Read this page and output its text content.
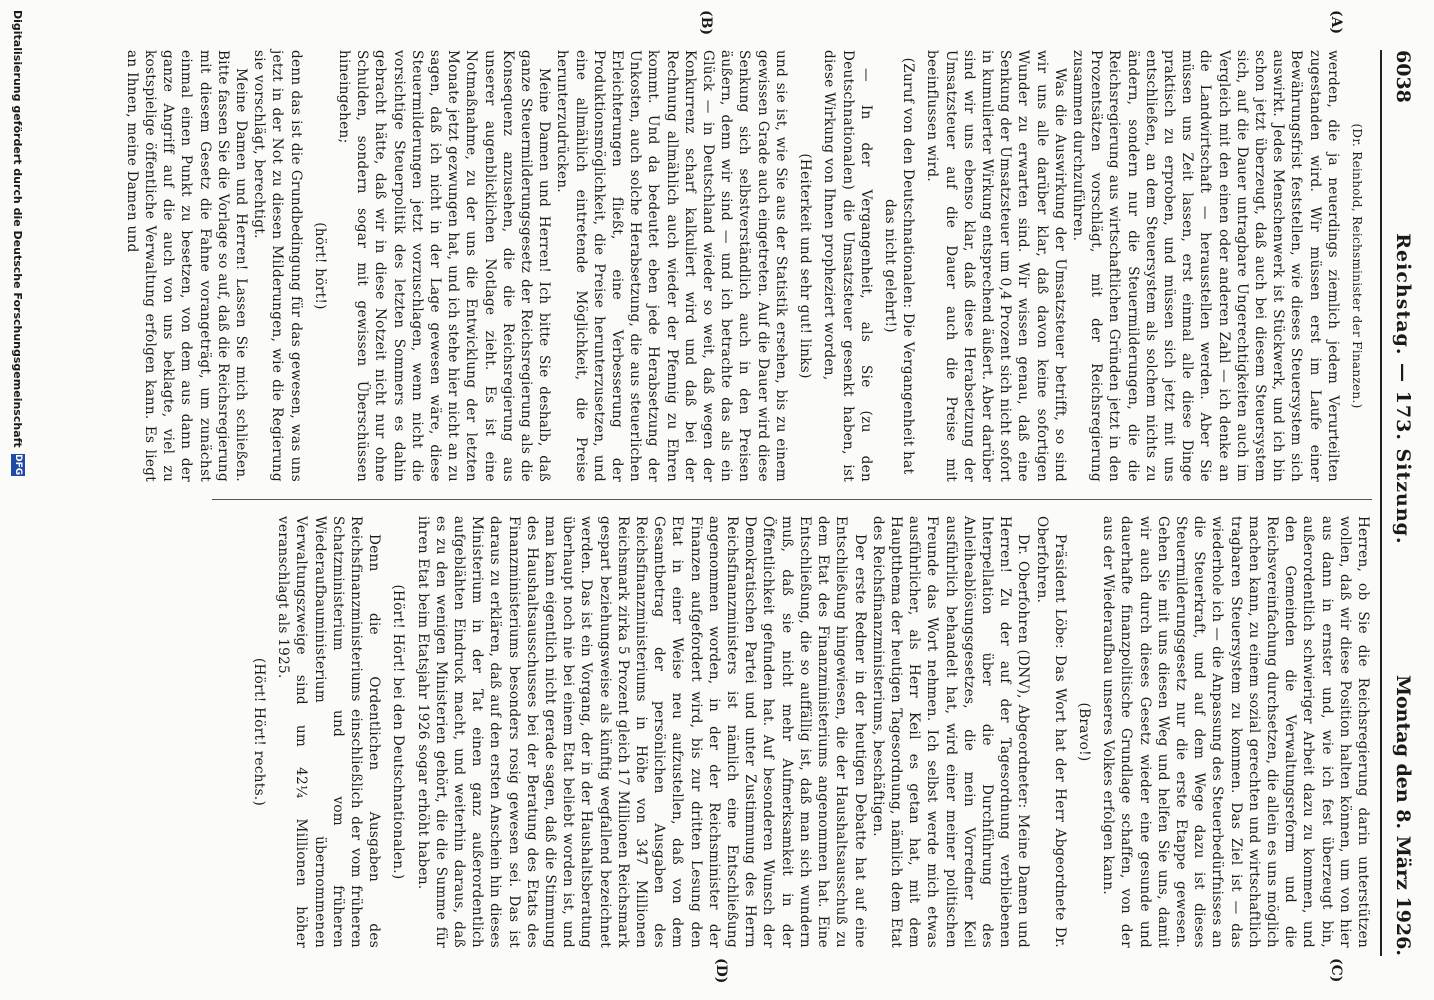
6038
Reichstag. — 173. Sitzung.
Montag den 8. März 1926.
(A)
(B)
(C)
(D)

(Dr. Reinhold, Reichsminister der Finanzen.)

werden, die ja neuerdings ziemlich jedem Verurteilten zugestanden wird. Wir müssen erst im Laufe einer Bewährungsfrist feststellen, wie dieses Steuersystem sich auswirkt. Jedes Menschenwerk ist Stückwerk, und ich bin schon jetzt überzeugt, daß auch bei diesem Steuersystem sich, auf die Dauer untragbare Ungerechtigkeiten auch im Vergleich mit den einen oder anderen Zahl — ich denke an die Landwirtschaft — herausstellen werden. Aber Sie müssen uns Zeit lassen, erst einmal alle diese Dinge praktisch zu erproben, und müssen sich jetzt mit uns entschließen, an dem Steuersystem als solchem nichts zu ändern, sondern nur die Steuermilderungen, die die Reichsregierung aus wirtschaftlichen Gründen jetzt in den Prozentsätzen vorschlägt, mit der Reichsregierung zusammen durchzuführen.

Was die Auswirkung der Umsatzsteuer betrifft, so sind wir uns alle darüber klar, daß davon keine sofortigen Wunder zu erwarten sind. Wir wissen genau, daß eine Senkung der Umsatzsteuer um 0,4 Prozent sich nicht sofort in kumulierter Wirkung entsprechend äußert. Aber darüber sind wir uns ebenso klar, daß diese Herabsetzung der Umsatzsteuer auf die Dauer auch die Preise mit beeinflussen wird.

(Zuruf von den Deutschnationalen: Die Vergangenheit hat das nicht gelehrt!)

— In der Vergangenheit, als Sie (zu den Deutschnationalen) die Umsatzsteuer gesenkt haben, ist diese Wirkung von Ihnen propheziert worden,

(Heiterkeit und sehr gut! links)

und sie ist, wie Sie aus der Statistik ersehen, bis zu einem gewissen Grade auch eingetreten. Auf die Dauer wird diese Senkung sich selbstverständlich auch in den Preisen äußern, denn wir sind — und ich betrachte das als ein Glück — in Deutschland wieder so weit, daß wegen der Konkurrenz scharf kalkuliert wird und daß bei der Rechnung allmählich auch wieder der Pfennig zu Ehren kommt. Und da bedeutet eben jede Herabsetzung der Unkosten, auch solche Herabsetzung, die aus steuerlichen Erleichterungen fließt, eine Verbesserung der Produktionsmöglichkeit, die Preise herunterzusetzen, und eine allmählich eintretende Möglichkeit, die Preise herunterzudrücken.

Meine Damen und Herren! Ich bitte Sie deshalb, daß ganze Steuermilderungsgesetz der Reichsregierung als die Konsequenz anzusehen, die die Reichsregierung aus unserer augenblicklichen Notlage zieht. Es ist eine Notmaßnahme, zu der uns die Entwicklung der letzten Monate jetzt gezwungen hat, und ich stehe hier nicht an zu sagen, daß ich nicht in der Lage gewesen wäre, diese Steuermilderungen jetzt vorzuschlagen, wenn nicht die vorsichtige Steuerpolitik des letzten Sommers es dahin gebracht hätte, daß wir in diese Notzeit nicht nur ohne Schulden, sondern sogar mit gewissen Überschüssen hineingehen;

(hört! hört!)

denn das ist die Grundbedingung für das gewesen, was uns jetzt in der Not zu diesen Milderungen, wie die Regierung sie vorschlägt, berechtigt.

Meine Damen und Herren! Lassen Sie mich schließen. Bitte fassen Sie die Vorlage so auf, daß die Reichsregierung mit diesem Gesetz die Fahne vorangeträgt, um zunächst einmal einen Punkt zu besetzen, von dem aus dann der ganze Angriff auf die auch von uns beklagte, viel zu kostspielige öffentliche Verwaltung erfolgen kann. Es liegt an Ihnen, meine Damen und

Herren, ob Sie die Reichsregierung darin unterstützen wollen, daß wir diese Position halten können, um von hier aus dann in ernster und, wie ich fest überzeugt bin, außerordentlich schwieriger Arbeit dazu zu kommen, und den Gemeinden die Verwaltungsreform und die Reichsvereinfachung durchsetzen, die allein es uns möglich machen kann, zu einem sozial gerechten und wirtschaftlich tragbaren Steuersystem zu kommen. Das Ziel ist — das wiederhole ich — die Anpassung des Steuerbedürfnisses an die Steuerkraft, und auf dem Wege dazu ist dieses Steuermilderungsgesetz nur die erste Etappe gewesen. Gehen Sie mit uns diesen Weg und helfen Sie uns, damit wir auch durch dieses Gesetz wieder eine gesunde und dauerhafte finanzpolitische Grundlage schaffen, von der aus der Wiederaufbau unseres Volkes erfolgen kann.

(Bravo!)

Präsident Löbe: Das Wort hat der Herr Abgeordnete Dr. Oberfohren.

Dr. Oberfohren (DNV), Abgeordneter: Meine Damen und Herren! Zu der auf der Tagesordnung verbliebenen Interpellation über die Durchführung des Anleiheablösungsgesetzes, die mein Vorredner Keil ausführlich behandelt hat, wird einer meiner politischen Freunde das Wort nehmen. Ich selbst werde mich etwas ausführlicher, als Herr Keil es getan hat, mit dem Hauptthema der heutigen Tagesordnung, nämlich dem Etat des Reichsfinanzministeriums, beschäftigen.

Der erste Redner in der heutigen Debatte hat auf eine Entschließung hingewiesen, die der Haushaltsausschuß zu dem Etat des Finanzministeriums angenommen hat. Eine Entschließung, die so auffällig ist, daß man sich wundern muß, daß sie nicht mehr Aufmerksamkeit in der Öffentlichkeit gefunden hat. Auf besonderen Wunsch der Demokratischen Partei und unter Zustimmung des Herrn Reichsfinanzministers ist nämlich eine Entschließung angenommen worden, in der der Reichsminister der Finanzen aufgefordert wird, bis zur dritten Lesung den Etat in einer Weise neu aufzustellen, daß von dem Gesamtbetrag der persönlichen Ausgaben des Reichsfinanzministeriums in Höhe von 347 Millionen Reichsmark zirka 5 Prozent gleich 17 Millionen Reichsmark gespart beziehungsweise als künftig wegfallend bezeichnet werden. Das ist ein Vorgang, der in der Haushaltsberatung überhaupt noch nie bei einem Etat beliebt worden ist, und man kann eigentlich nicht gerade sagen, daß die Stimmung des Haushaltsausschusses bei der Beratung des Etats des Finanzministeriums besonders rosig gewesen sei. Das ist daraus zu erklären, daß auf den ersten Anschein hin dieses Ministerium in der Tat einen ganz außerordentlich aufgeblähten Eindruck macht, und weiterhin daraus, daß es zu den wenigen Ministerien gehört, die die Summe für ihren Etat beim Etatsjahr 1926 sogar erhöht haben.

(Hört! Hört! bei den Deutschnationalen.)

Denn die Ordentlichen Ausgaben des Reichsfinanzministeriums einschließlich der vom früheren Schatzministerium und vom früheren Wiederaufbauministerium übernommenen Verwaltungszweige sind um 42¼ Millionen höher veranschlagt als 1925.

(Hört! Hört! rechts.)

Digitalisierung gefördert durch die Deutsche Forschungsgemeinschaft
DFG
